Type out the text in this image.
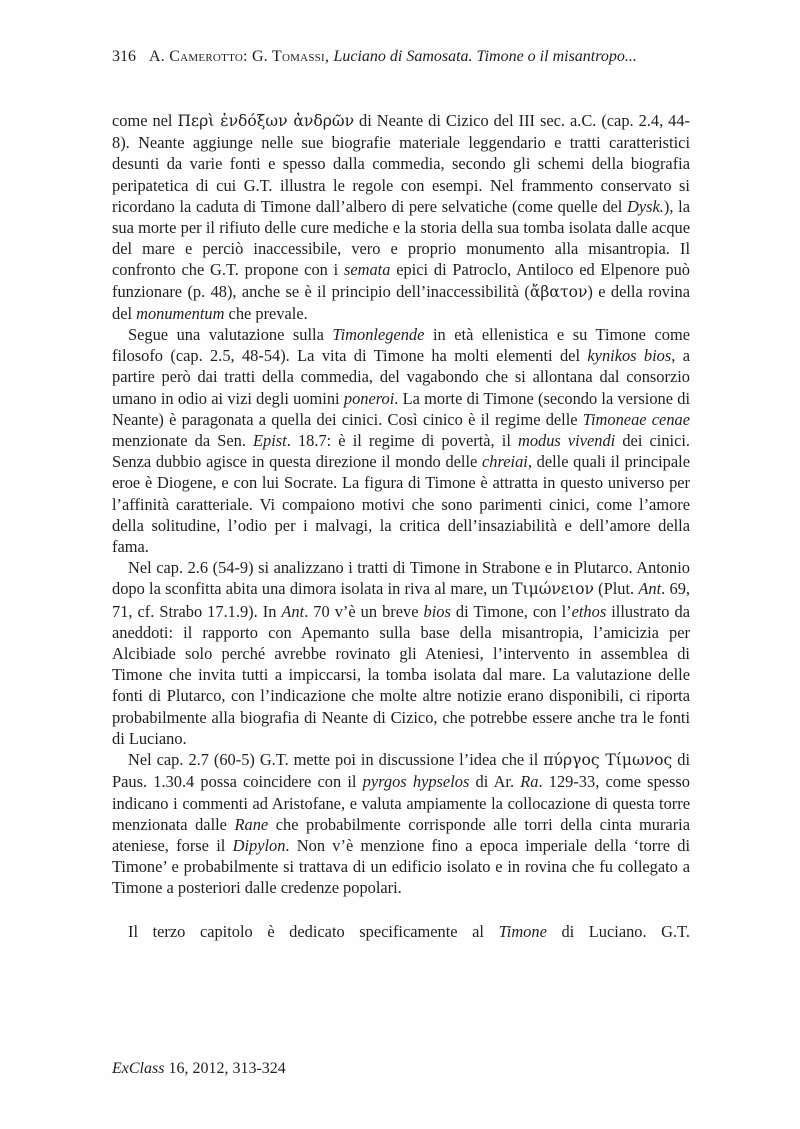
316 A. Camerotto: G. Tomassi, Luciano di Samosata. Timone o il misantropo...

come nel Περὶ ἐνδόξων ἀνδρῶν di Neante di Cizico del III sec. a.C. (cap. 2.4, 44-8). Neante aggiunge nelle sue biografie materiale leggendario e tratti caratteristici desunti da varie fonti e spesso dalla commedia, secondo gli schemi della biografia peripatetica di cui G.T. illustra le regole con esempi. Nel frammento conservato si ricordano la caduta di Timone dall’albero di pere selvatiche (come quelle del Dysk.), la sua morte per il rifiuto delle cure mediche e la storia della sua tomba isolata dalle acque del mare e perciò inaccessibile, vero e proprio monumento alla misantropia. Il confronto che G.T. propone con i semata epici di Patroclo, Antiloco ed Elpenore può funzionare (p. 48), anche se è il principio dell’inaccessibilità (ἄβατον) e della rovina del monumentum che prevale.

Segue una valutazione sulla Timonlegende in età ellenistica e su Timone come filosofo (cap. 2.5, 48-54). La vita di Timone ha molti elementi del kynikos bios, a partire però dai tratti della commedia, del vagabondo che si allontana dal consorzio umano in odio ai vizi degli uomini poneroi. La morte di Timone (secondo la versione di Neante) è paragonata a quella dei cinici. Così cinico è il regime delle Timoneae cenae menzionate da Sen. Epist. 18.7: è il regime di povertà, il modus vivendi dei cinici. Senza dubbio agisce in questa direzione il mondo delle chreiai, delle quali il principale eroe è Diogene, e con lui Socrate. La figura di Timone è attratta in questo universo per l’affinità caratteriale. Vi compaiono motivi che sono parimenti cinici, come l’amore della solitudine, l’odio per i malvagi, la critica dell’insaziabilità e dell’amore della fama.

Nel cap. 2.6 (54-9) si analizzano i tratti di Timone in Strabone e in Plutarco. Antonio dopo la sconfitta abita una dimora isolata in riva al mare, un Τιμώνειον (Plut. Ant. 69, 71, cf. Strabo 17.1.9). In Ant. 70 v’è un breve bios di Timone, con l’ethos illustrato da aneddoti: il rapporto con Apemanto sulla base della misantropia, l’amicizia per Alcibiade solo perché avrebbe rovinato gli Ateniesi, l’intervento in assemblea di Timone che invita tutti a impiccarsi, la tomba isolata dal mare. La valutazione delle fonti di Plutarco, con l’indicazione che molte altre notizie erano disponibili, ci riporta probabilmente alla biografia di Neante di Cizico, che potrebbe essere anche tra le fonti di Luciano.

Nel cap. 2.7 (60-5) G.T. mette poi in discussione l’idea che il πύργος Τίμωνος di Paus. 1.30.4 possa coincidere con il pyrgos hypselos di Ar. Ra. 129-33, come spesso indicano i commenti ad Aristofane, e valuta ampiamente la collocazione di questa torre menzionata dalle Rane che probabilmente corrisponde alle torri della cinta muraria ateniese, forse il Dipylon. Non v’è menzione fino a epoca imperiale della ‘torre di Timone’ e probabilmente si trattava di un edificio isolato e in rovina che fu collegato a Timone a posteriori dalle credenze popolari.

Il terzo capitolo è dedicato specificamente al Timone di Luciano. G.T.

ExClass 16, 2012, 313-324
